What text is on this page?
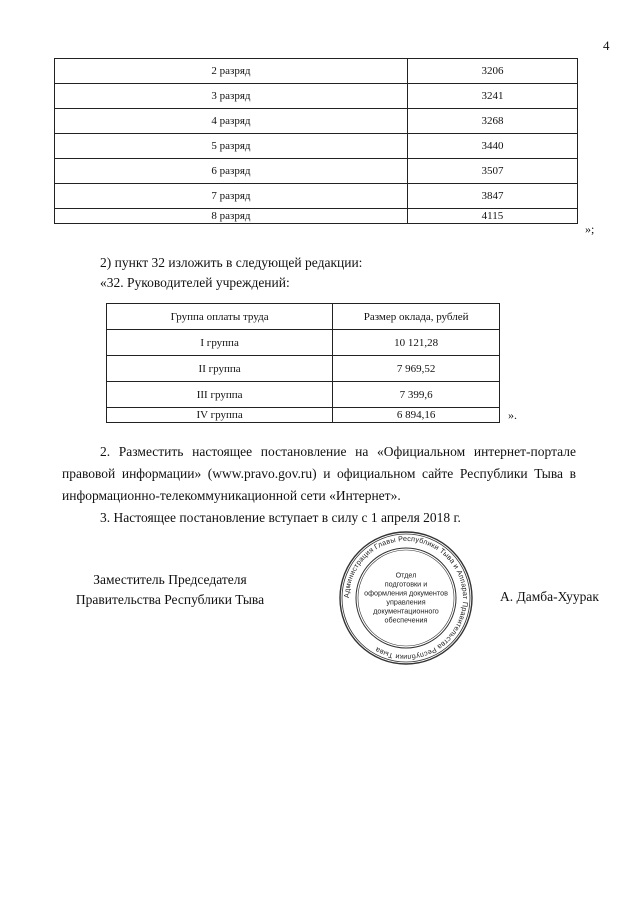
4
2 разряд	3206
3 разряд	3241
4 разряд	3268
5 разряд	3440
6 разряд	3507
7 разряд	3847
8 разряд	4115
»;
2) пункт 32 изложить в следующей редакции:
«32. Руководителей учреждений:
Группа оплаты труда	Размер оклада, рублей
I группа	10 121,28
II группа	7 969,52
III группа	7 399,6
IV группа	6 894,16	».
2. Разместить настоящее постановление на «Официальном интернет-портале правовой информации» (www.pravo.gov.ru) и официальном сайте Республики Тыва в информационно-телекоммуникационной сети «Интернет».
3. Настоящее постановление вступает в силу с 1 апреля 2018 г.
Заместитель Председателя
Правительства Республики Тыва	Администрация Главы Республики Тыва и Аппарат Правительства Республики Тыва
Отдел
подготовки и
оформления документов
управления
документационного
обеспечения
А. Дамба-Хуурак
